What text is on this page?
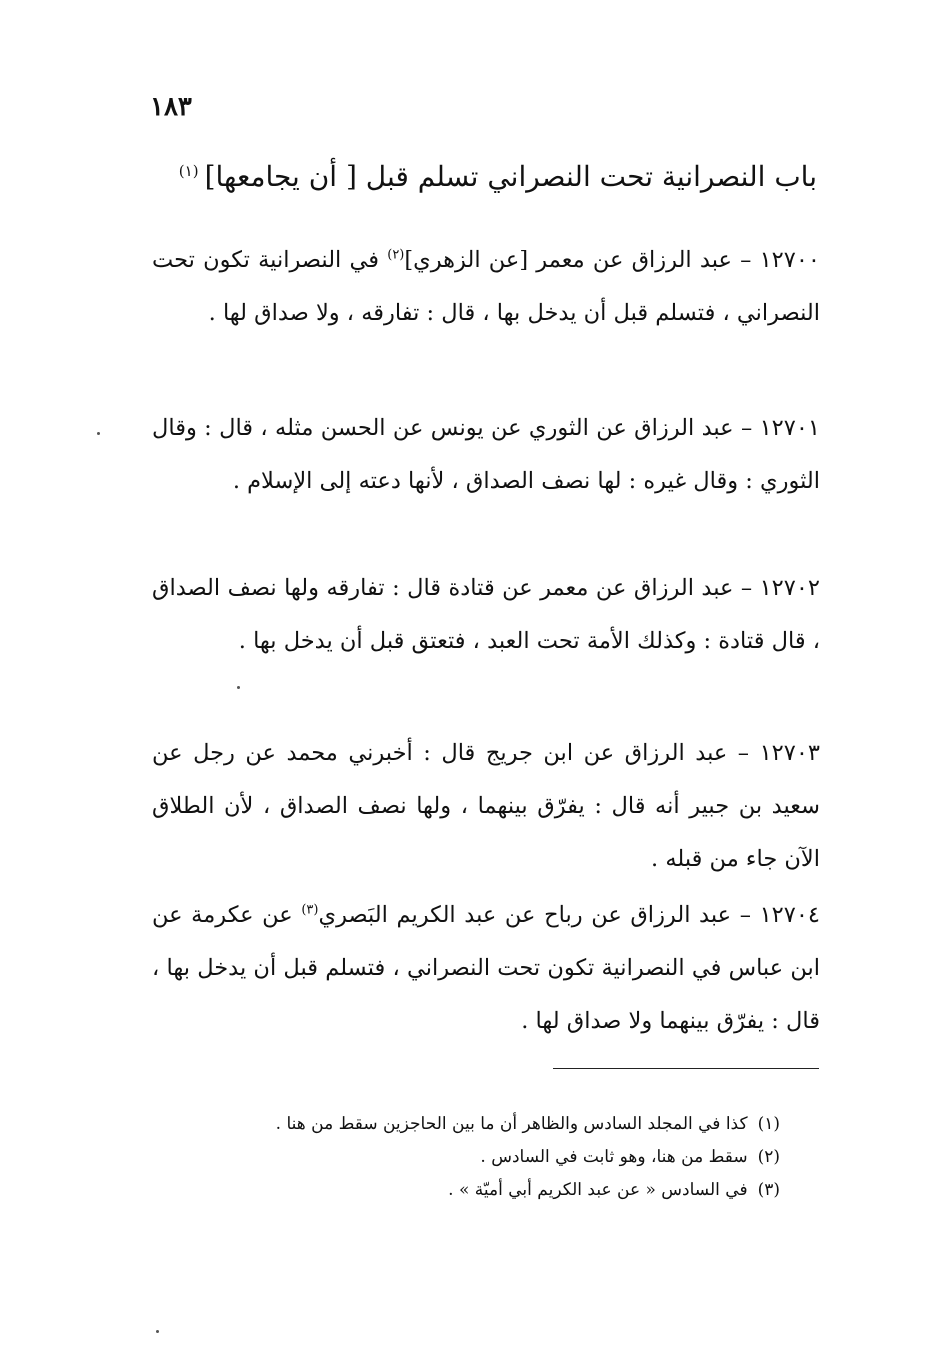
١٨٣
باب النصرانية تحت النصراني تسلم قبل [ أن يجامعها]$^{(١)}$
١٢٧٠٠ – عبد الرزاق عن معمر [عن الزهري]$^{(٢)}$ في النصرانية تكون تحت النصراني ، فتسلم قبل أن يدخل بها ، قال : تفارقه ، ولا صداق لها .
١٢٧٠١ – عبد الرزاق عن الثوري عن يونس عن الحسن مثله ، قال : وقال الثوري : وقال غيره : لها نصف الصداق ، لأنها دعته إلى الإسلام .
١٢٧٠٢ – عبد الرزاق عن معمر عن قتادة قال : تفارقه ولها نصف الصداق ، قال قتادة : وكذلك الأمة تحت العبد ، فتعتق قبل أن يدخل بها .
١٢٧٠٣ – عبد الرزاق عن ابن جريج قال : أخبرني محمد عن رجل عن سعيد بن جبير أنه قال : يفرّق بينهما ، ولها نصف الصداق ، لأن الطلاق الآن جاء من قبله .
١٢٧٠٤ – عبد الرزاق عن رباح عن عبد الكريم البَصري$^{(٣)}$ عن عكرمة عن ابن عباس في النصرانية تكون تحت النصراني ، فتسلم قبل أن يدخل بها ، قال : يفرّق بينهما ولا صداق لها .
(١)كذا في المجلد السادس والظاهر أن ما بين الحاجزين سقط من هنا .
(٢)سقط من هنا، وهو ثابت في السادس .
(٣)في السادس « عن عبد الكريم أبي أميّة » .
